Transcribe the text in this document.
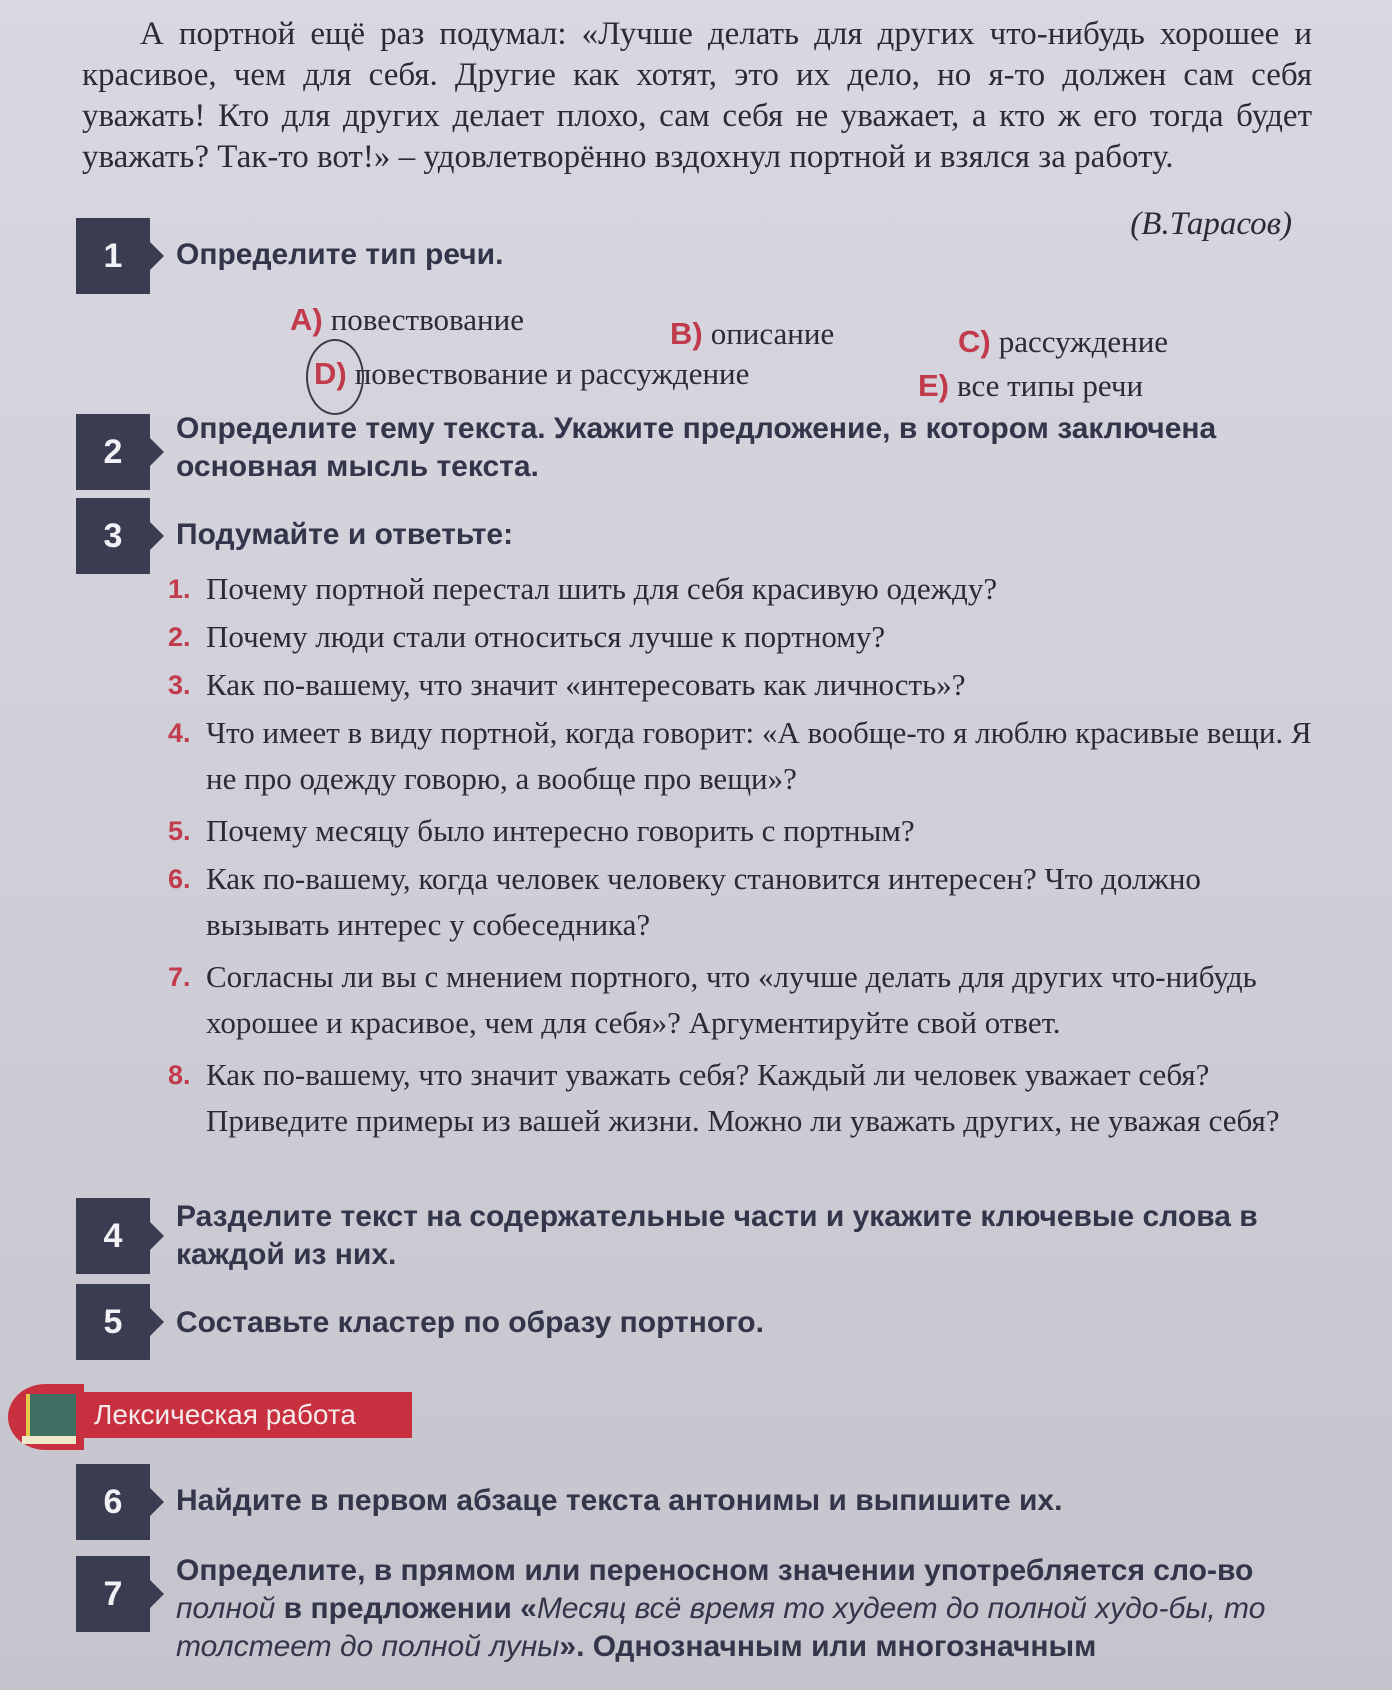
А портной ещё раз подумал: «Лучше делать для других что-нибудь хорошее и красивое, чем для себя. Другие как хотят, это их дело, но я-то должен сам себя уважать! Кто для других делает плохо, сам себя не уважает, а кто ж его тогда будет уважать? Так-то вот!» – удовлетворённо вздохнул портной и взялся за работу.

(В.Тарасов)

1	Определите тип речи.

A) повествование	B) описание	C) рассуждение
D) повествование и рассуждение	E) все типы речи
2

Определите тему текста. Укажите предложение, в котором заключена основная мысль текста.

3	Подумайте и ответьте:

1. Почему портной перестал шить для себя красивую одежду?
2. Почему люди стали относиться лучше к портному?
3. Как по-вашему, что значит «интересовать как личность»?
4. Что имеет в виду портной, когда говорит: «А вообще-то я люблю красивые вещи. Я не про одежду говорю, а вообще про вещи»?
5. Почему месяцу было интересно говорить с портным?
6. Как по-вашему, когда человек человеку становится интересен? Что должно вызывать интерес у собеседника?
7. Согласны ли вы с мнением портного, что «лучше делать для других что-нибудь хорошее и красивое, чем для себя»? Аргументируйте свой ответ.
8. Как по-вашему, что значит уважать себя? Каждый ли человек уважает себя? Приведите примеры из вашей жизни. Можно ли уважать других, не уважая себя?
4	Разделите текст на содержательные части и укажите ключевые слова в каждой из них.

5	Составьте кластер по образу портного.

Лексическая работа
6	Найдите в первом абзаце текста антонимы и выпишите их.

7

Определите, в прямом или переносном значении употребляется сло-во полной в предложении «Месяц всё время то худеет до полной худо-бы, то толстеет до полной луны». Однозначным или многозначным
